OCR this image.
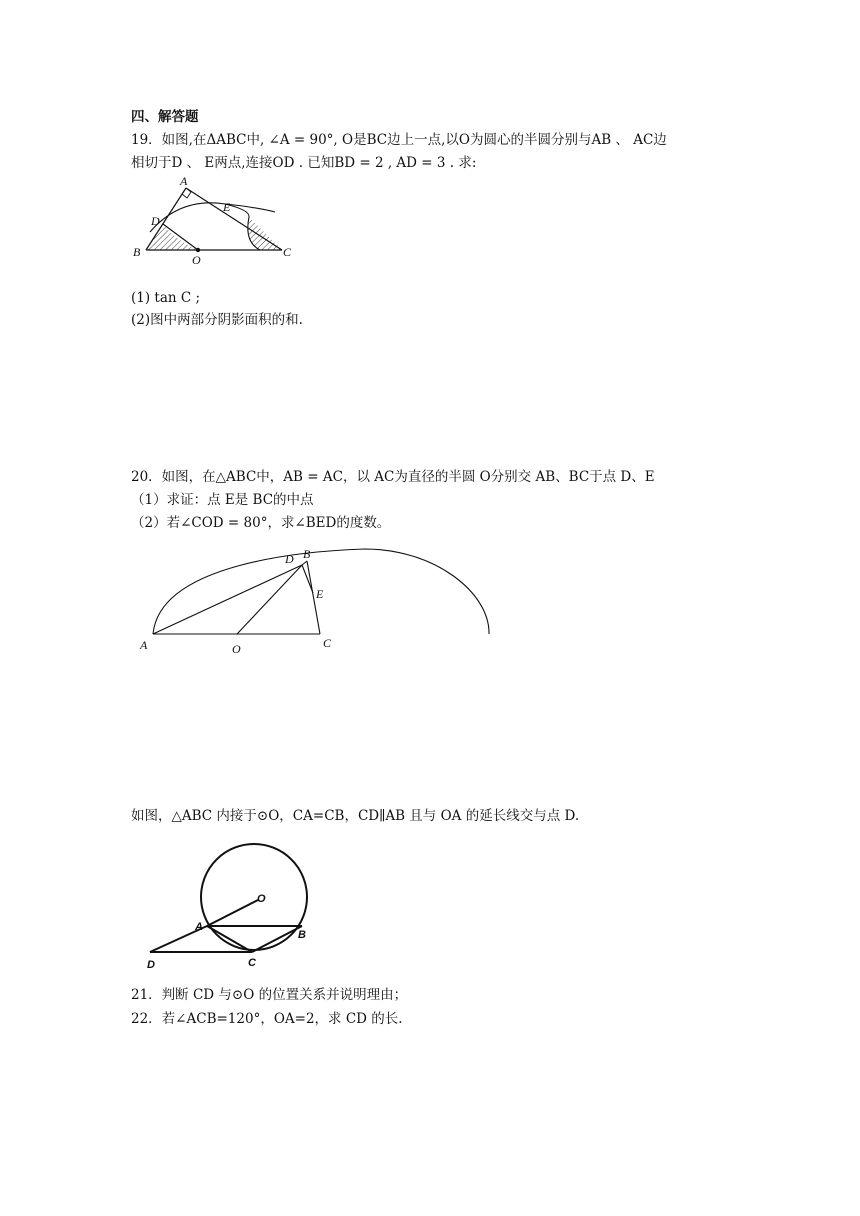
四、解答题
19．如图,在ΔABC中, ∠A = 90°, O是BC边上一点,以O为圆心的半圆分别与AB 、 AC边
相切于D 、 E两点,连接OD . 已知BD = 2 , AD = 3 . 求:
A
D
E
B
O
C
(1) tan C ;
(2)图中两部分阴影面积的和.
20．如图，在△ABC中，AB = AC，以 AC为直径的半圆 O分别交 AB、BC于点 D、E
（1）求证：点 E是 BC的中点
（2）若∠COD = 80°，求∠BED的度数。
A	O	C
D B
E
如图，△ABC 内接于⊙O，CA=CB，CD∥AB 且与 OA 的延长线交与点 D.
O
A
B
C
D
21．判断 CD 与⊙O 的位置关系并说明理由；
22．若∠ACB=120°，OA=2，求 CD 的长.
